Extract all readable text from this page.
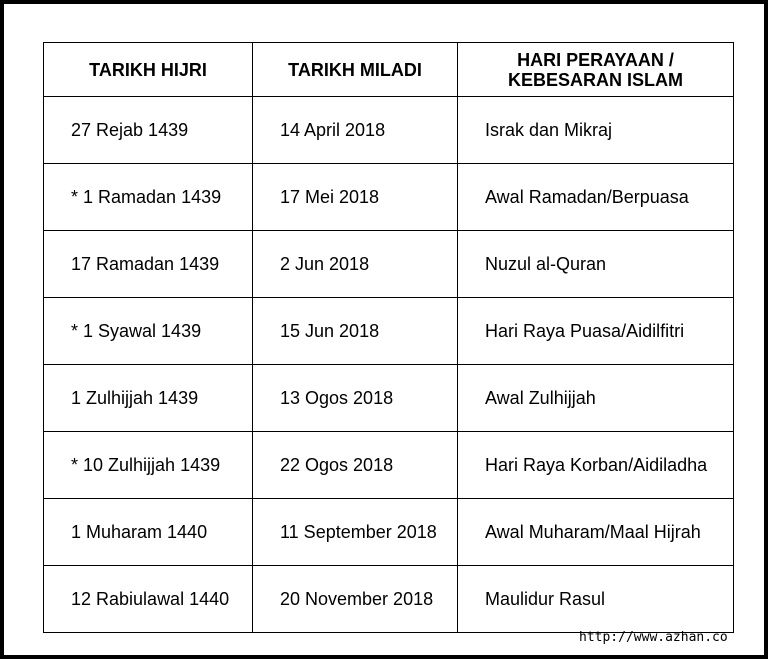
TARIKH HIJRI	TARIKH MILADI	HARI PERAYAAN /
KEBESARAN ISLAM

27 Rejab 1439	14 April 2018	Israk dan Mikraj
* 1 Ramadan 1439	17 Mei 2018	Awal Ramadan/Berpuasa
17 Ramadan 1439	2 Jun 2018	Nuzul al-Quran
* 1 Syawal 1439	15 Jun 2018	Hari Raya Puasa/Aidilfitri
1 Zulhijjah 1439	13 Ogos 2018	Awal Zulhijjah
* 10 Zulhijjah 1439	22 Ogos 2018	Hari Raya Korban/Aidiladha
1 Muharam 1440	11 September 2018	Awal Muharam/Maal Hijrah
12 Rabiulawal 1440	20 November 2018	Maulidur Rasul
http://www.azhan.co
